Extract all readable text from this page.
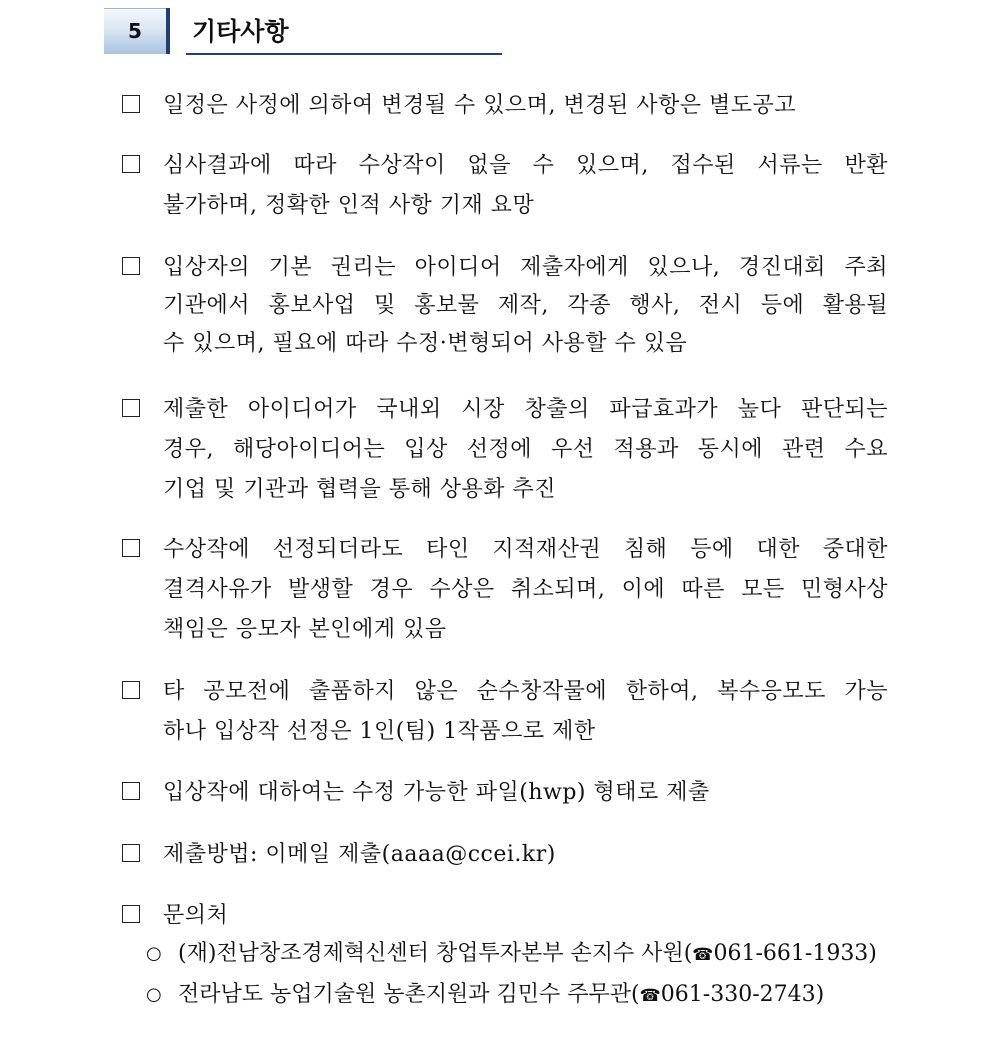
5	기타사항
일정은 사정에 의하여 변경될 수 있으며, 변경된 사항은 별도공고
심사결과에 따라 수상작이 없을 수 있으며, 접수된 서류는 반환
불가하며, 정확한 인적 사항 기재 요망
입상자의 기본 권리는 아이디어 제출자에게 있으나, 경진대회 주최
기관에서 홍보사업 및 홍보물 제작, 각종 행사, 전시 등에 활용될
수 있으며, 필요에 따라 수정·변형되어 사용할 수 있음
제출한 아이디어가 국내외 시장 창출의 파급효과가 높다 판단되는
경우, 해당아이디어는 입상 선정에 우선 적용과 동시에 관련 수요
기업 및 기관과 협력을 통해 상용화 추진
수상작에 선정되더라도 타인 지적재산권 침해 등에 대한 중대한
결격사유가 발생할 경우 수상은 취소되며, 이에 따른 모든 민형사상
책임은 응모자 본인에게 있음
타 공모전에 출품하지 않은 순수창작물에 한하여, 복수응모도 가능
하나 입상작 선정은 1인(팀) 1작품으로 제한
입상작에 대하여는 수정 가능한 파일(hwp) 형태로 제출
제출방법: 이메일 제출(aaaa@ccei.kr)
문의처
○ (재)전남창조경제혁신센터 창업투자본부 손지수 사원(☎061-661-1933)
○ 전라남도 농업기술원 농촌지원과 김민수 주무관(☎061-330-2743)
